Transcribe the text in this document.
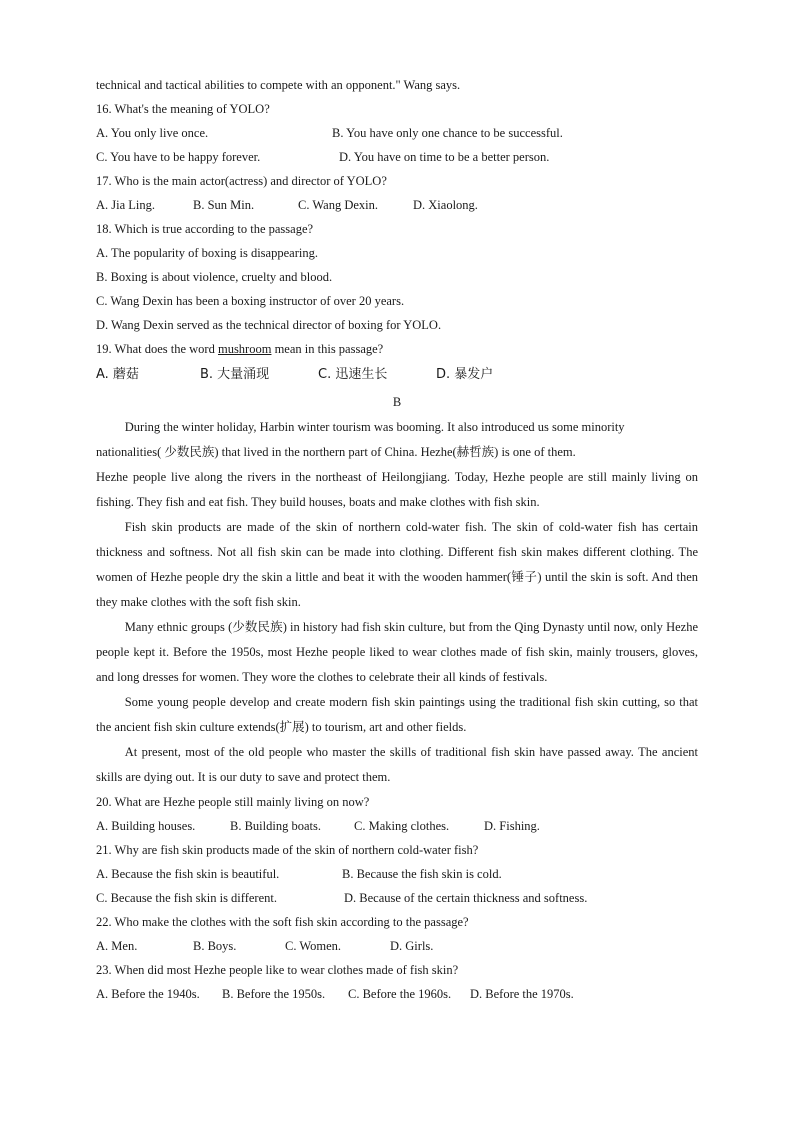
technical and tactical abilities to compete with an opponent." Wang says.
16. What's the meaning of YOLO?
A. You only live once.	B. You have only one chance to be successful.
C. You have to be happy forever.	D. You have on time to be a better person.
17. Who is the main actor(actress) and director of YOLO?
A. Jia Ling.	B. Sun Min.	C. Wang Dexin.	D. Xiaolong.
18. Which is true according to the passage?
A. The popularity of boxing is disappearing.
B. Boxing is about violence, cruelty and blood.
C. Wang Dexin has been a boxing instructor of over 20 years.
D. Wang Dexin served as the technical director of boxing for YOLO.
19. What does the word mushroom mean in this passage?
A. 蘑菇	B. 大量涌现	C. 迅速生长	D. 暴发户
B
During the winter holiday, Harbin winter tourism was booming. It also introduced us some minority
nationalities( 少数民族) that lived in the northern part of China. Hezhe(赫哲族) is one of them.

Hezhe people live along the rivers in the northeast of Heilongjiang. Today, Hezhe people are still mainly living on fishing. They fish and eat fish. They build houses, boats and make clothes with fish skin.

Fish skin products are made of the skin of northern cold-water fish. The skin of cold-water fish has certain thickness and softness. Not all fish skin can be made into clothing. Different fish skin makes different clothing. The women of Hezhe people dry the skin a little and beat it with the wooden hammer(锤子) until the skin is soft. And then they make clothes with the soft fish skin.

Many ethnic groups (少数民族) in history had fish skin culture, but from the Qing Dynasty until now, only Hezhe people kept it. Before the 1950s, most Hezhe people liked to wear clothes made of fish skin, mainly trousers, gloves, and long dresses for women. They wore the clothes to celebrate their all kinds of festivals.

Some young people develop and create modern fish skin paintings using the traditional fish skin cutting, so that the ancient fish skin culture extends(扩展) to tourism, art and other fields.

At present, most of the old people who master the skills of traditional fish skin have passed away. The ancient skills are dying out. It is our duty to save and protect them.

20. What are Hezhe people still mainly living on now?
A. Building houses.	B. Building boats.	C. Making clothes.	D. Fishing.
21. Why are fish skin products made of the skin of northern cold-water fish?
A. Because the fish skin is beautiful.	B. Because the fish skin is cold.
C. Because the fish skin is different.	D. Because of the certain thickness and softness.
22. Who make the clothes with the soft fish skin according to the passage?
A. Men.	B. Boys.	C. Women.	D. Girls.
23. When did most Hezhe people like to wear clothes made of fish skin?
A. Before the 1940s.	B. Before the 1950s.	C. Before the 1960s.	D. Before the 1970s.
